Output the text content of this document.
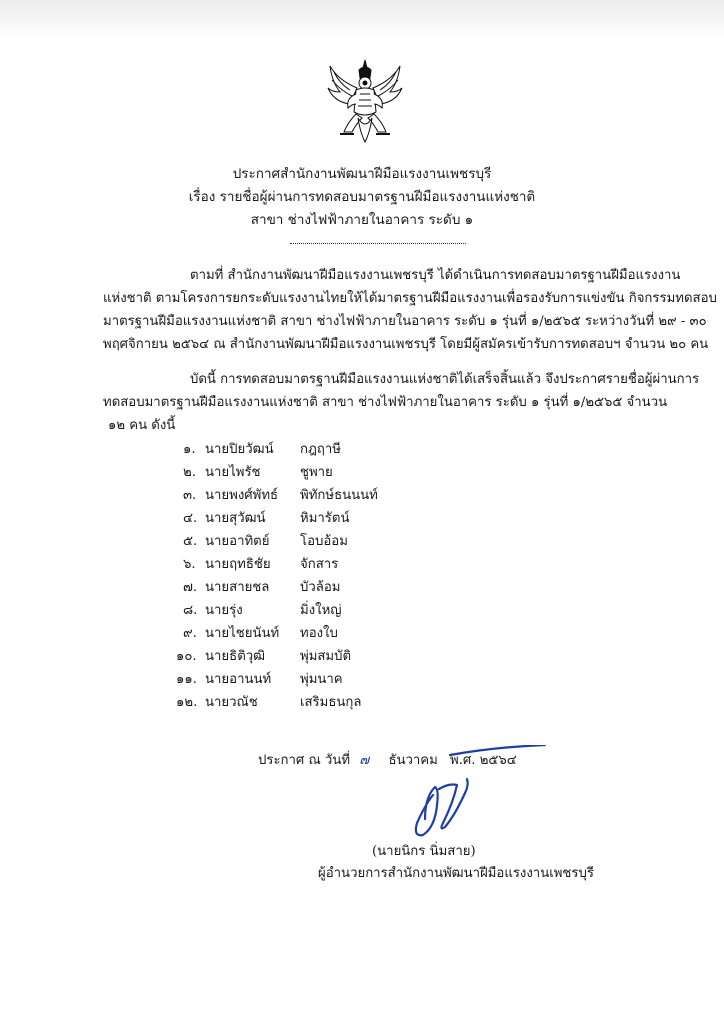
ประกาศสำนักงานพัฒนาฝีมือแรงงานเพชรบุรี
เรื่อง รายชื่อผู้ผ่านการทดสอบมาตรฐานฝีมือแรงงานแห่งชาติ
สาขา ช่างไฟฟ้าภายในอาคาร ระดับ ๑
ตามที่ สำนักงานพัฒนาฝีมือแรงงานเพชรบุรี ได้ดำเนินการทดสอบมาตรฐานฝีมือแรงงาน
แห่งชาติ ตามโครงการยกระดับแรงงานไทยให้ได้มาตรฐานฝีมือแรงงานเพื่อรองรับการแข่งขัน กิจกรรมทดสอบ
มาตรฐานฝีมือแรงงานแห่งชาติ สาขา ช่างไฟฟ้าภายในอาคาร ระดับ ๑ รุ่นที่ ๑/๒๕๖๕ ระหว่างวันที่ ๒๙ - ๓๐
พฤศจิกายน ๒๕๖๔ ณ สำนักงานพัฒนาฝีมือแรงงานเพชรบุรี โดยมีผู้สมัครเข้ารับการทดสอบฯ จำนวน ๒๐ คน
บัดนี้ การทดสอบมาตรฐานฝีมือแรงงานแห่งชาติได้เสร็จสิ้นแล้ว จึงประกาศรายชื่อผู้ผ่านการ
ทดสอบมาตรฐานฝีมือแรงงานแห่งชาติ สาขา ช่างไฟฟ้าภายในอาคาร ระดับ ๑ รุ่นที่ ๑/๒๕๖๕ จำนวน
๑๒ คน ดังนี้
๑. นายปิยวัฒน์ กฎฤาษี
๒. นายไพรัช	ชูพาย
๓. นายพงศ์พัทธ์ พิทักษ์ธนนนท์
๔. นายสุวัฒน์	หิมารัตน์
๕. นายอาทิตย์ โอบอ้อม
๖. นายฤทธิชัย จักสาร
๗. นายสายชล บัวล้อม
๘. นายรุ่ง	มิ่งใหญ่
๙. นายไชยนันท์ ทองใบ
๑๐. นายธิติวุฒิ	พุ่มสมบัติ
๑๑. นายอานนท์ พุ่มนาค
๑๒. นายวณัช	เสริมธนกุล
ประกาศ ณ วันที่ ๗ ธันวาคม พ.ศ. ๒๕๖๔
(นายนิกร นิ่มสาย)
ผู้อำนวยการสำนักงานพัฒนาฝีมือแรงงานเพชรบุรี
